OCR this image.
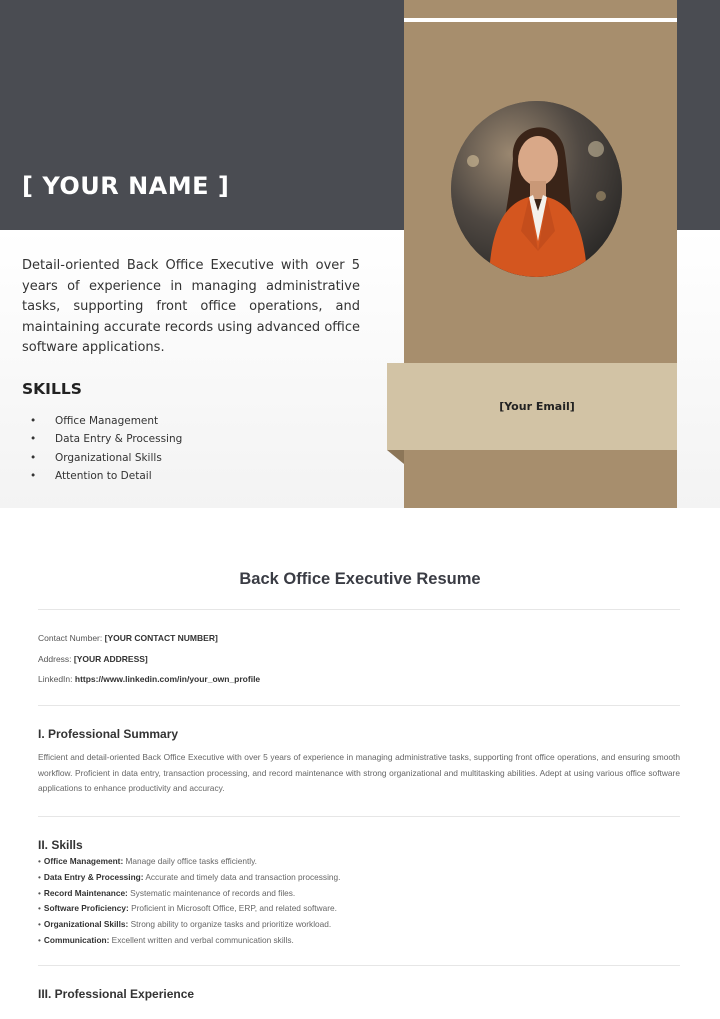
[ YOUR NAME ]
Detail-oriented Back Office Executive with over 5 years of experience in managing administrative tasks, supporting front office operations, and maintaining accurate records using advanced office software applications.
SKILLS
• Office Management
• Data Entry & Processing
• Organizational Skills
• Attention to Detail
[Your Email]
Back Office Executive Resume
Contact Number: [YOUR CONTACT NUMBER]
Address: [YOUR ADDRESS]
LinkedIn: https://www.linkedin.com/in/your_own_profile
I. Professional Summary
Efficient and detail-oriented Back Office Executive with over 5 years of experience in managing administrative tasks, supporting front office operations, and ensuring smooth workflow. Proficient in data entry, transaction processing, and record maintenance with strong organizational and multitasking abilities. Adept at using various office software applications to enhance productivity and accuracy.
II. Skills
• Office Management: Manage daily office tasks efficiently.
• Data Entry & Processing: Accurate and timely data and transaction processing.
• Record Maintenance: Systematic maintenance of records and files.
• Software Proficiency: Proficient in Microsoft Office, ERP, and related software.
• Organizational Skills: Strong ability to organize tasks and prioritize workload.
• Communication: Excellent written and verbal communication skills.
III. Professional Experience
